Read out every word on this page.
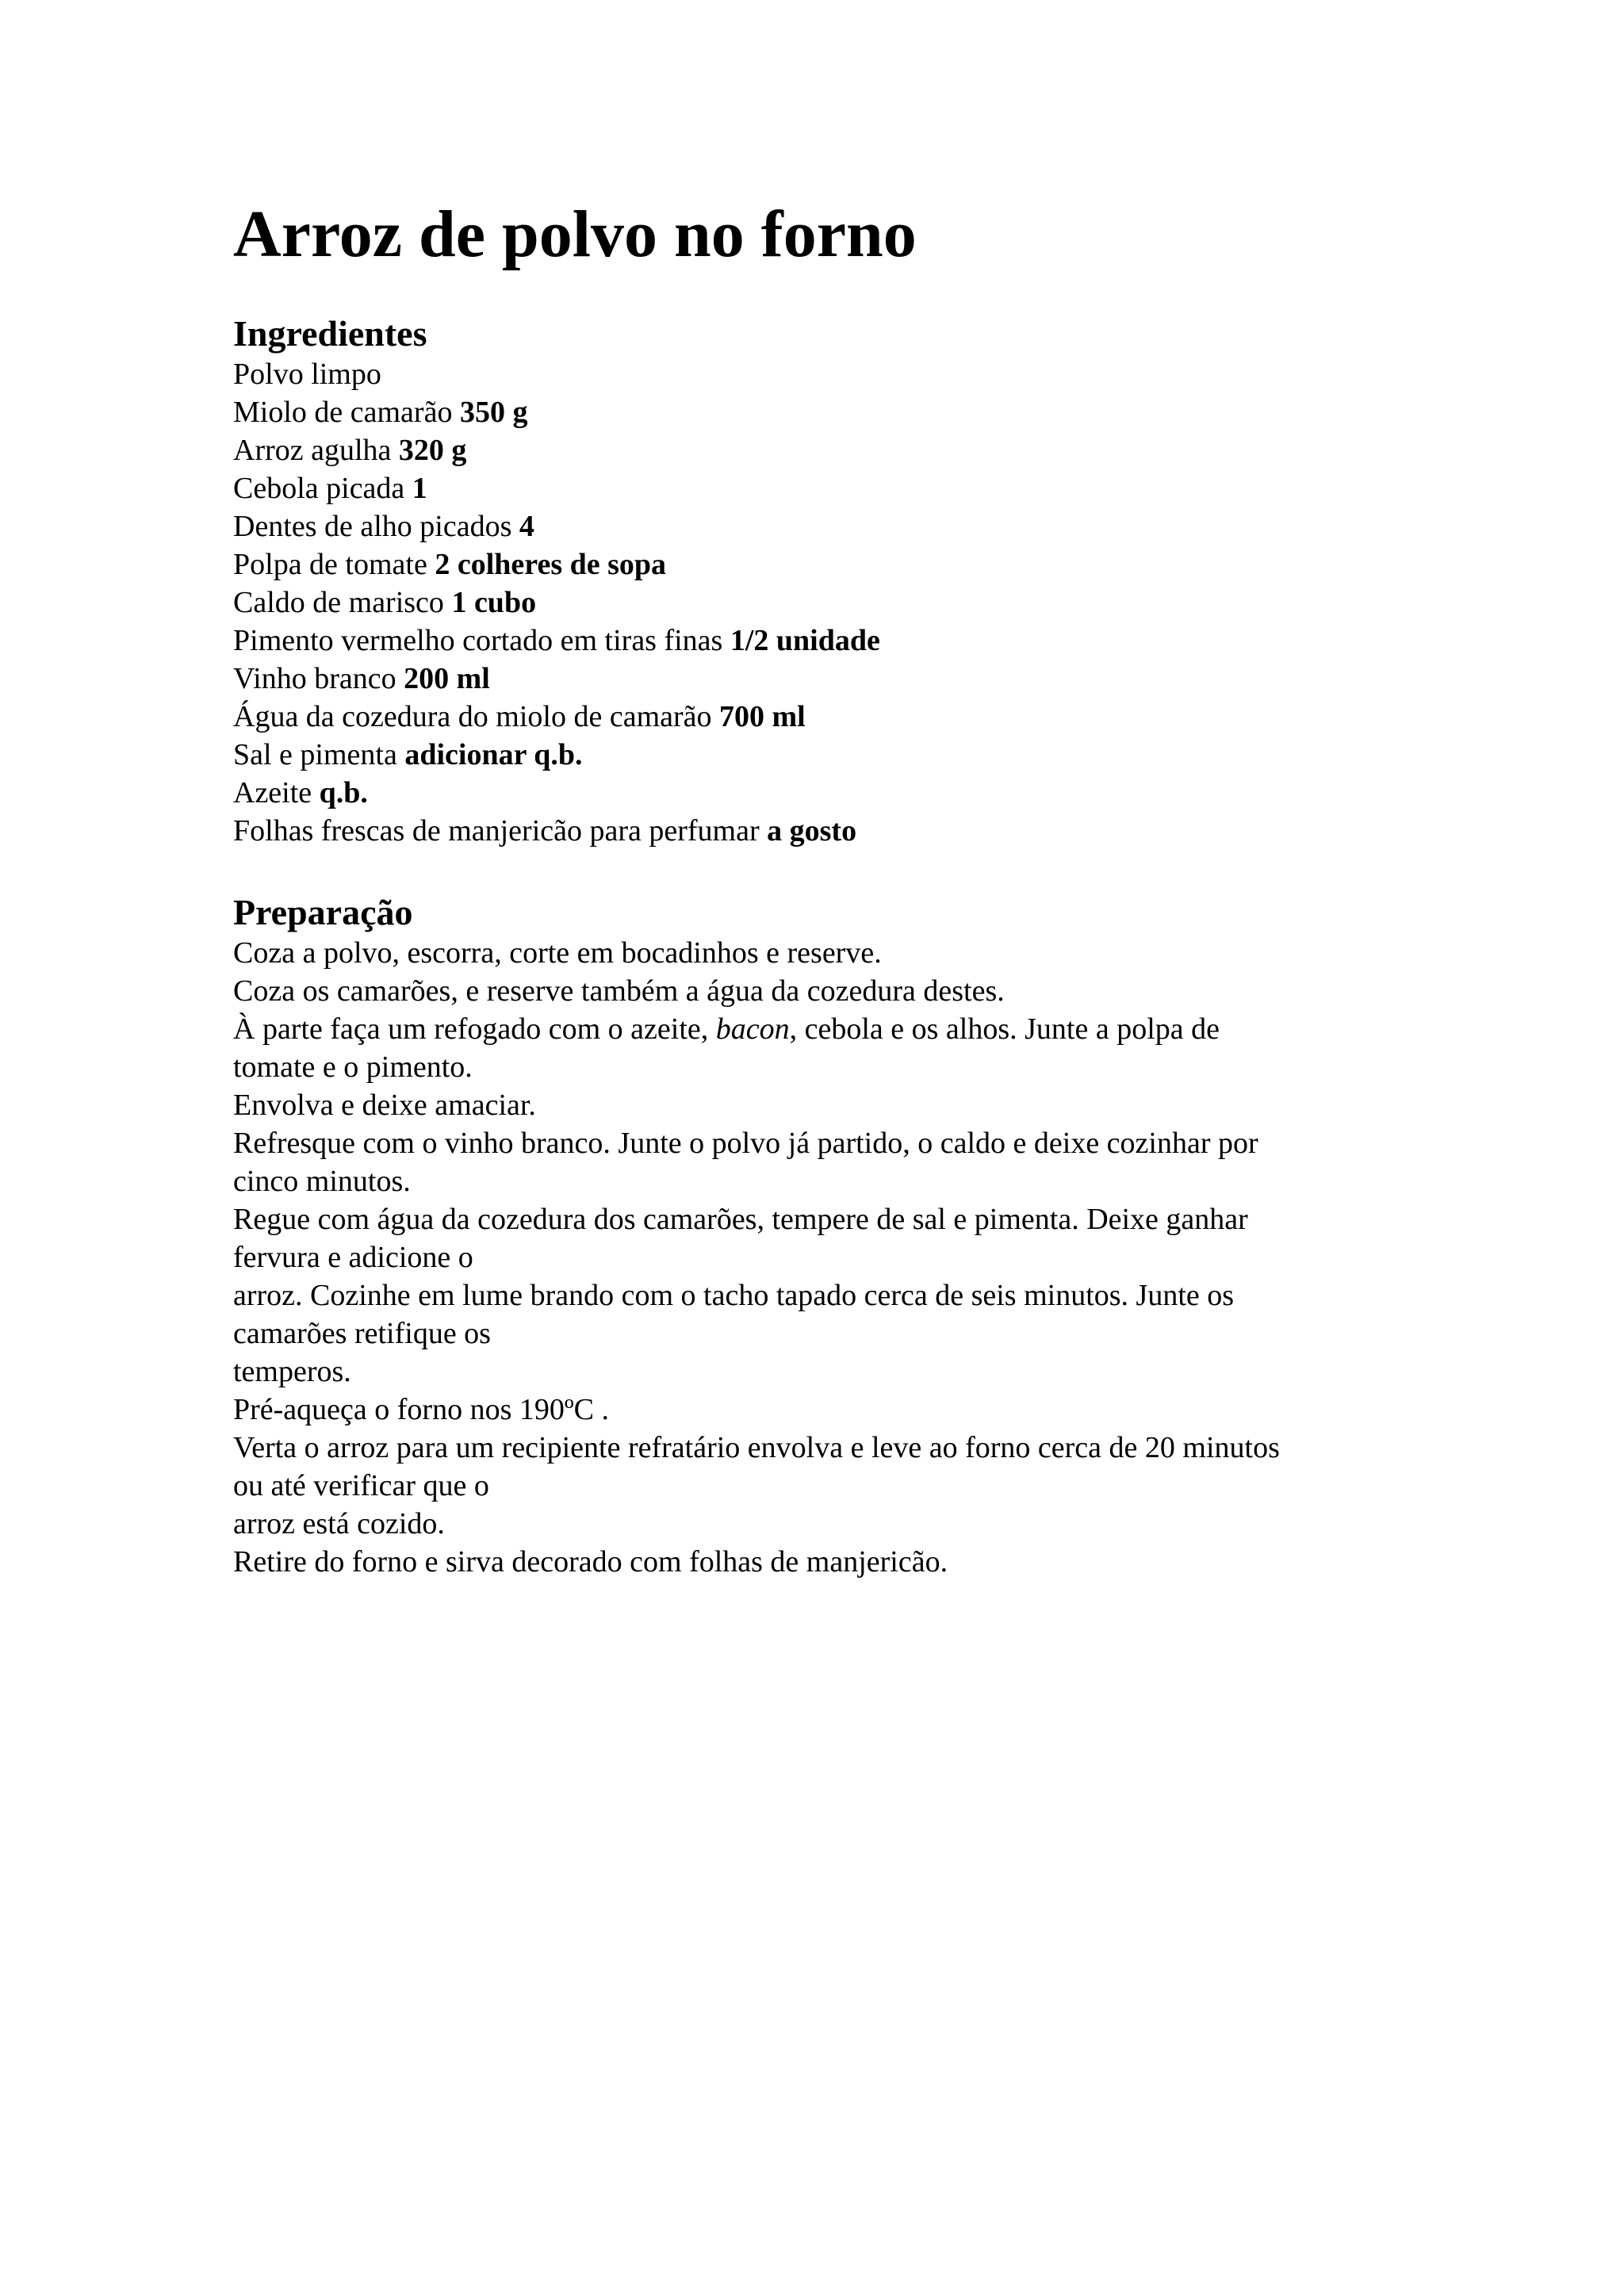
Arroz de polvo no forno
Ingredientes
Polvo limpo
Miolo de camarão 350 g
Arroz agulha 320 g
Cebola picada 1
Dentes de alho picados 4
Polpa de tomate 2 colheres de sopa
Caldo de marisco 1 cubo
Pimento vermelho cortado em tiras finas 1/2 unidade
Vinho branco 200 ml
Água da cozedura do miolo de camarão 700 ml
Sal e pimenta adicionar q.b.
Azeite q.b.
Folhas frescas de manjericão para perfumar a gosto
Preparação
Coza a polvo, escorra, corte em bocadinhos e reserve.
Coza os camarões, e reserve também a água da cozedura destes.
À parte faça um refogado com o azeite, bacon, cebola e os alhos. Junte a polpa de
tomate e o pimento.
Envolva e deixe amaciar.
Refresque com o vinho branco. Junte o polvo já partido, o caldo e deixe cozinhar por
cinco minutos.
Regue com água da cozedura dos camarões, tempere de sal e pimenta. Deixe ganhar
fervura e adicione o
arroz. Cozinhe em lume brando com o tacho tapado cerca de seis minutos. Junte os
camarões retifique os
temperos.
Pré-aqueça o forno nos 190ºC .
Verta o arroz para um recipiente refratário envolva e leve ao forno cerca de 20 minutos
ou até verificar que o
arroz está cozido.
Retire do forno e sirva decorado com folhas de manjericão.
